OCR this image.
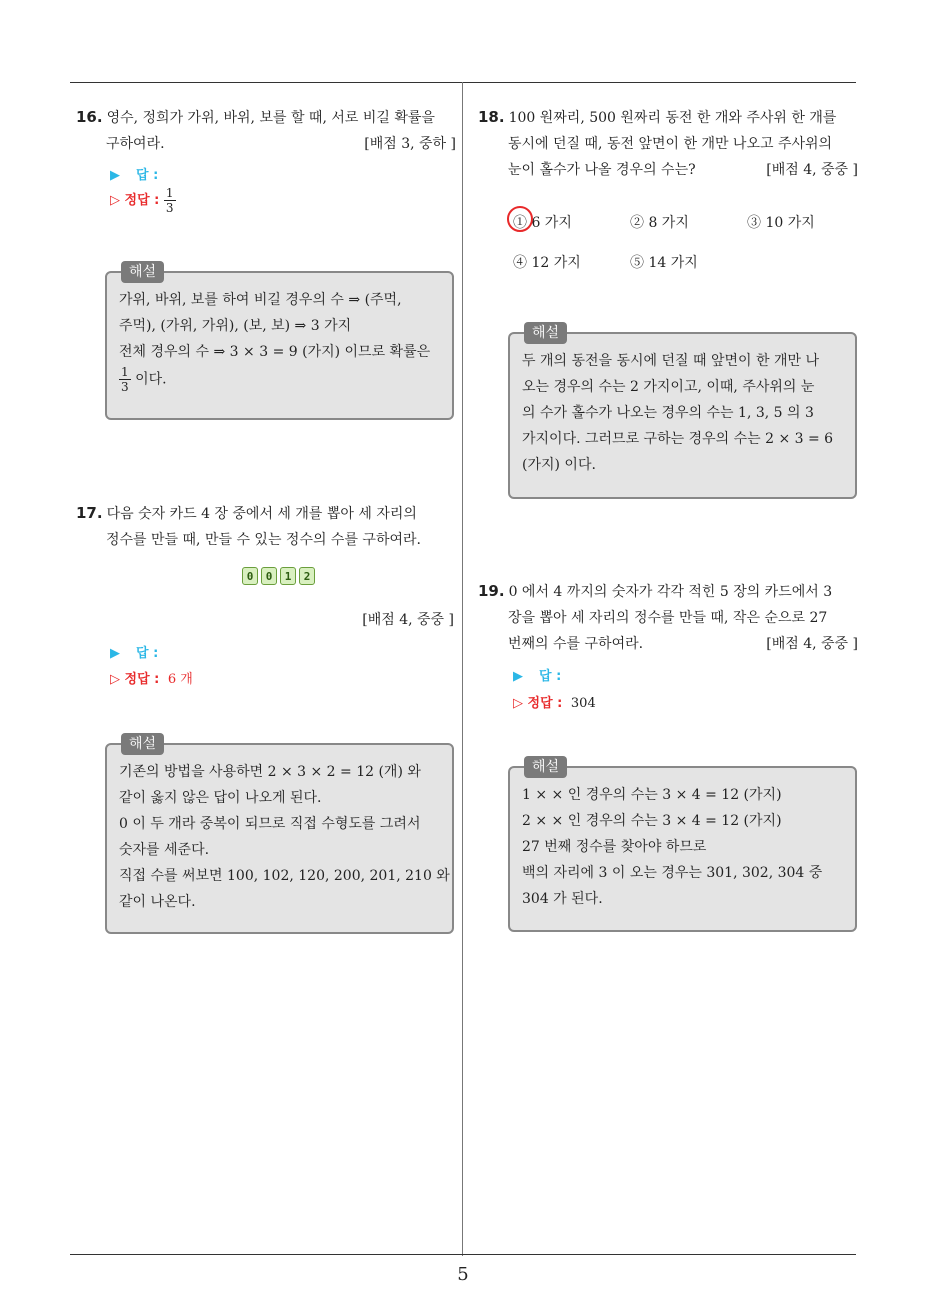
5
16. 영수, 정희가 가위, 바위, 보를 할 때, 서로 비길 확률을
구하여라.	[배점 3, 중하 ]
▶ 답 :
▷ 정답 : $\frac{1}{3}$
해설
가위, 바위, 보를 하여 비길 경우의 수 ⇒ (주먹,
주먹), (가위, 가위), (보, 보) ⇒ 3 가지
전체 경우의 수 ⇒ 3 × 3 = 9 (가지) 이므로 확률은
$\frac{1}{3}$ 이다.
17. 다음 숫자 카드 4 장 중에서 세 개를 뽑아 세 자리의
정수를 만들 때, 만들 수 있는 정수의 수를 구하여라.
0	0	1	2
[배점 4, 중중 ]
▶ 답 :
▷ 정답 : 6 개
해설
기존의 방법을 사용하면 2 × 3 × 2 = 12 (개) 와
같이 옳지 않은 답이 나오게 된다.
0 이 두 개라 중복이 되므로 직접 수형도를 그려서
숫자를 세준다.
직접 수를 써보면 100, 102, 120, 200, 201, 210 와
같이 나온다.
18. 100 원짜리, 500 원짜리 동전 한 개와 주사위 한 개를
동시에 던질 때, 동전 앞면이 한 개만 나오고 주사위의
눈이 홀수가 나올 경우의 수는?	[배점 4, 중중 ]
① 6 가지	② 8 가지	③ 10 가지
④ 12 가지	⑤ 14 가지
해설
두 개의 동전을 동시에 던질 때 앞면이 한 개만 나
오는 경우의 수는 2 가지이고, 이때, 주사위의 눈
의 수가 홀수가 나오는 경우의 수는 1, 3, 5 의 3
가지이다. 그러므로 구하는 경우의 수는 2 × 3 = 6
(가지) 이다.
19. 0 에서 4 까지의 숫자가 각각 적힌 5 장의 카드에서 3
장을 뽑아 세 자리의 정수를 만들 때, 작은 순으로 27
번째의 수를 구하여라.	[배점 4, 중중 ]
▶ 답 :
▷ 정답 : 304
해설
1 × × 인 경우의 수는 3 × 4 = 12 (가지)
2 × × 인 경우의 수는 3 × 4 = 12 (가지)
27 번째 정수를 찾아야 하므로
백의 자리에 3 이 오는 경우는 301, 302, 304 중
304 가 된다.
